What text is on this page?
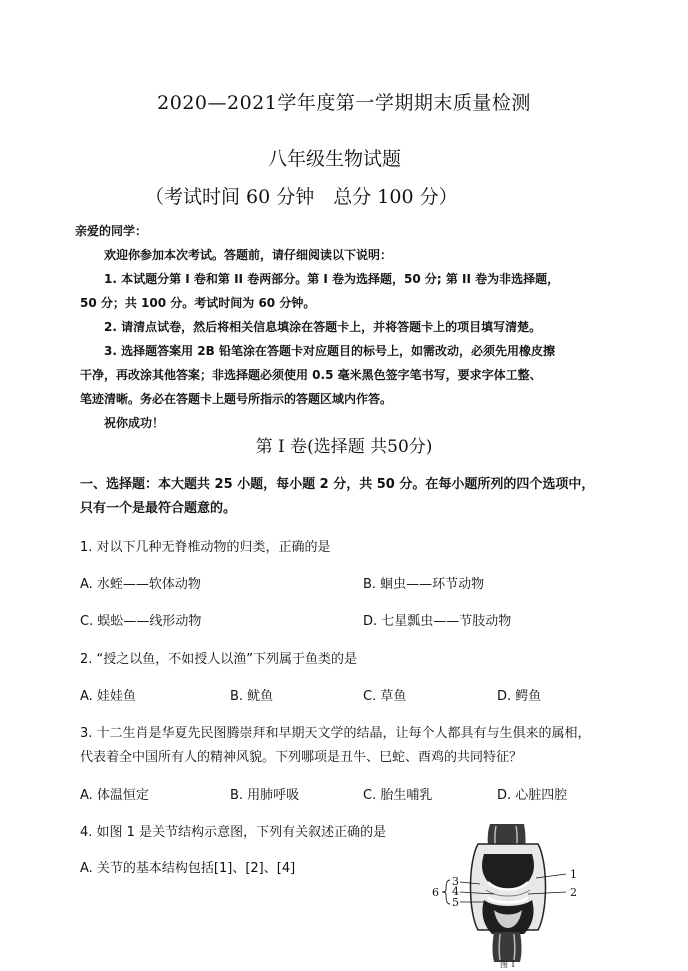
2020—2021学年度第一学期期末质量检测
八年级生物试题
（考试时间 60 分钟　总分 100 分）
亲爱的同学：
欢迎你参加本次考试。答题前，请仔细阅读以下说明：
1. 本试题分第 I 卷和第 II 卷两部分。第 I 卷为选择题，50 分; 第 II 卷为非选择题，
50 分；共 100 分。考试时间为 60 分钟。
2. 请清点试卷，然后将相关信息填涂在答题卡上，并将答题卡上的项目填写清楚。
3. 选择题答案用 2B 铅笔涂在答题卡对应题目的标号上，如需改动，必须先用橡皮擦
干净，再改涂其他答案；非选择题必须使用 0.5 毫米黑色签字笔书写，要求字体工整、
笔迹清晰。务必在答题卡上题号所指示的答题区域内作答。
祝你成功！
第 I 卷(选择题 共50分)
一、选择题：本大题共 25 小题，每小题 2 分，共 50 分。在每小题所列的四个选项中，
只有一个是最符合题意的。
1. 对以下几种无脊椎动物的归类，正确的是
A. 水蛭——软体动物	B. 蛔虫——环节动物
C. 蜈蚣——线形动物	D. 七星瓢虫——节肢动物
2. “授之以鱼，不如授人以渔”下列属于鱼类的是
A. 娃娃鱼	B. 鱿鱼	C. 草鱼	D. 鳄鱼
3. 十二生肖是华夏先民图腾崇拜和早期天文学的结晶，让每个人都具有与生俱来的属相，
代表着全中国所有人的精神风貌。下列哪项是丑牛、巳蛇、酉鸡的共同特征？
A. 体温恒定	B. 用肺呼吸	C. 胎生哺乳	D. 心脏四腔
4. 如图 1 是关节结构示意图，下列有关叙述正确的是
A. 关节的基本结构包括[1]、[2]、[4]	1
2
3
4
5
6
图 1
